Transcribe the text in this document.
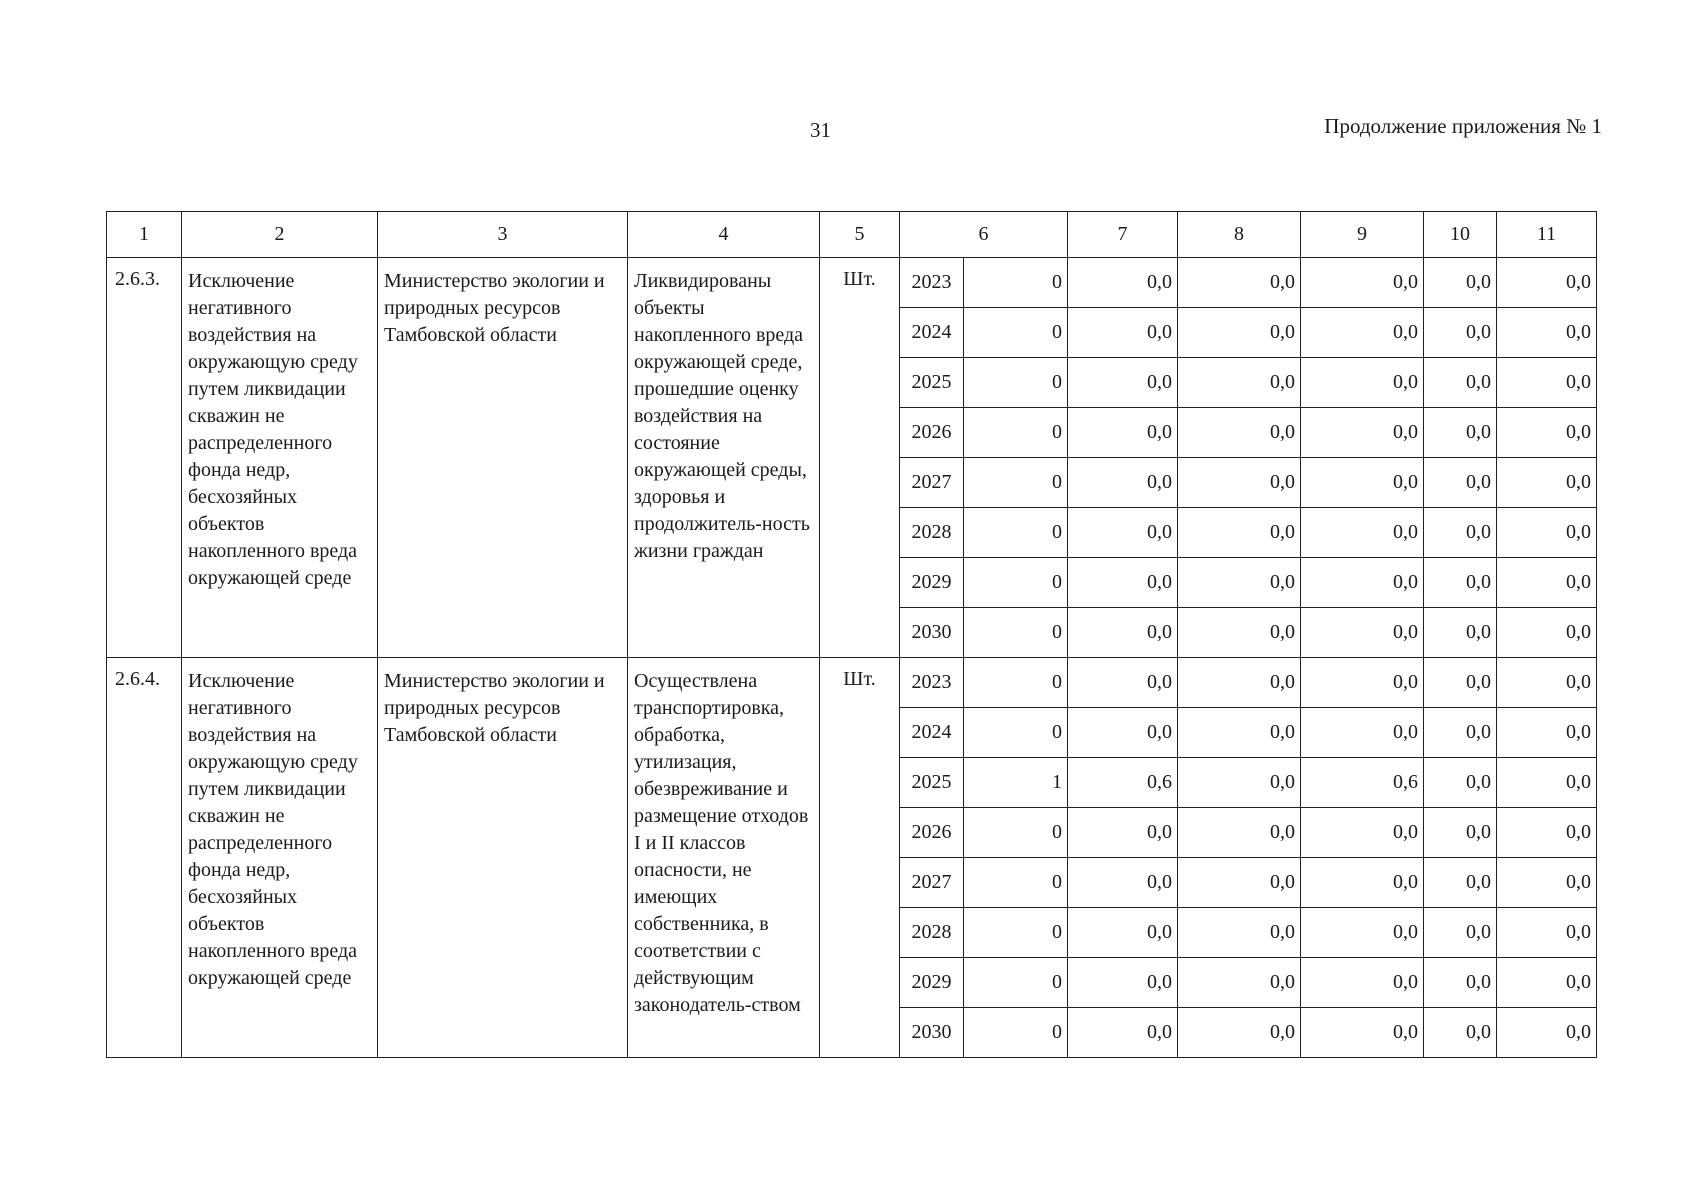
31	Продолжение приложения № 1
1	2	3	4	5	6		7	8	9	10	11
2.6.3.	Исключение негативного воздействия на окружающую среду путем ликвидации скважин не распределенного фонда недр, бесхозяйных объектов накопленного вреда окружающей среде	Министерство экологии и природных ресурсов Тамбовской области	Ликвидированы объекты накопленного вреда окружающей среде, прошедшие оценку воздействия на состояние окружающей среды, здоровья и продолжитель-ность жизни граждан	Шт.	2023	0	0,0	0,0	0,0	0,0	0,0
					2024	0	0,0	0,0	0,0	0,0	0,0
					2025	0	0,0	0,0	0,0	0,0	0,0
					2026	0	0,0	0,0	0,0	0,0	0,0
					2027	0	0,0	0,0	0,0	0,0	0,0
					2028	0	0,0	0,0	0,0	0,0	0,0
					2029	0	0,0	0,0	0,0	0,0	0,0
					2030	0	0,0	0,0	0,0	0,0	0,0
2.6.4.	Исключение негативного воздействия на окружающую среду путем ликвидации скважин не распределенного фонда недр, бесхозяйных объектов накопленного вреда окружающей среде	Министерство экологии и природных ресурсов Тамбовской области	Осуществлена транспортировка, обработка, утилизация, обезвреживание и размещение отходов I и II классов опасности, не имеющих собственника, в соответствии с действующим законодатель-ством	Шт.	2023	0	0,0	0,0	0,0	0,0	0,0
					2024	0	0,0	0,0	0,0	0,0	0,0
					2025	1	0,6	0,0	0,6	0,0	0,0
					2026	0	0,0	0,0	0,0	0,0	0,0
					2027	0	0,0	0,0	0,0	0,0	0,0
					2028	0	0,0	0,0	0,0	0,0	0,0
					2029	0	0,0	0,0	0,0	0,0	0,0
					2030	0	0,0	0,0	0,0	0,0	0,0
